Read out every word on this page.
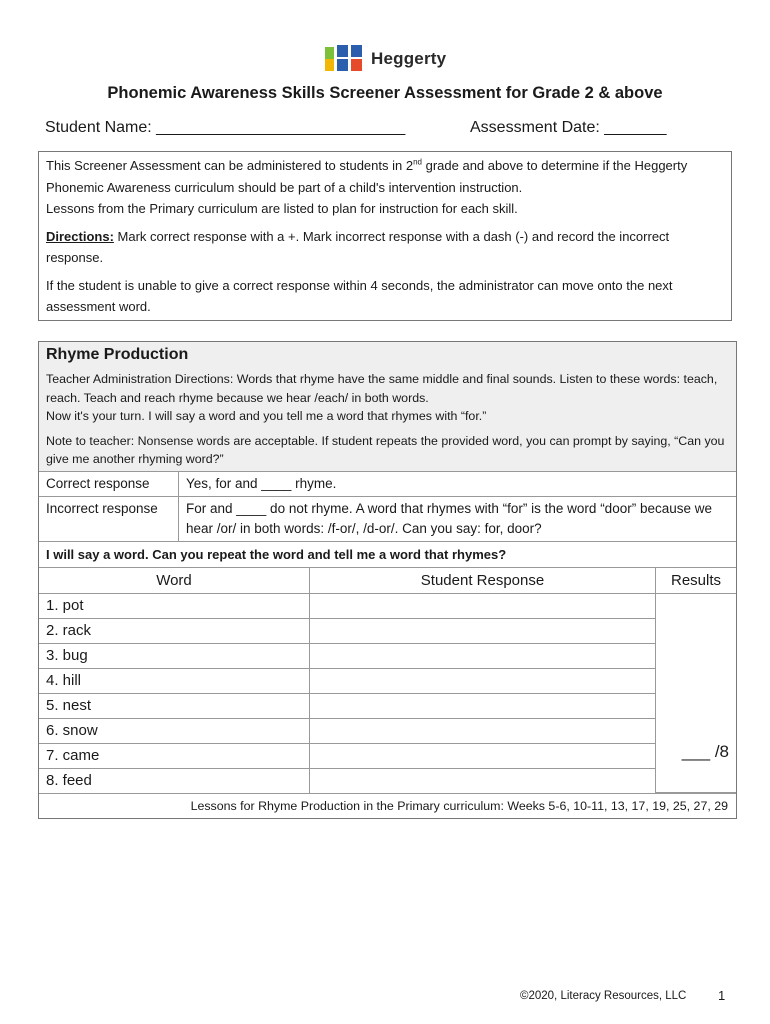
Heggerty
Phonemic Awareness Skills Screener Assessment for Grade 2 & above
Student Name: ____________________________	Assessment Date: _______

This Screener Assessment can be administered to students in 2nd grade and above to determine if the Heggerty Phonemic Awareness curriculum should be part of a child's intervention instruction.

Lessons from the Primary curriculum are listed to plan for instruction for each skill.

Directions: Mark correct response with a +. Mark incorrect response with a dash (-) and record the incorrect response.

If the student is unable to give a correct response within 4 seconds, the administrator can move onto the next assessment word.

Rhyme Production

Teacher Administration Directions: Words that rhyme have the same middle and final sounds. Listen to these words: teach, reach. Teach and reach rhyme because we hear /each/ in both words.

Now it's your turn. I will say a word and you tell me a word that rhymes with “for.”

Note to teacher: Nonsense words are acceptable. If student repeats the provided word, you can prompt by saying, “Can you give me another rhyming word?”

Correct response	Yes, for and ____ rhyme.
Incorrect response	For and ____ do not rhyme. A word that rhymes with “for” is the word “door” because we hear /or/ in both words: /f-or/, /d-or/. Can you say: for, door?
I will say a word. Can you repeat the word and tell me a word that rhymes?
Word	Student Response	Results
1. pot		___ /8
2. rack		
3. bug		
4. hill		
5. nest		
6. snow		
7. came		
8. feed		
Lessons for Rhyme Production in the Primary curriculum: Weeks 5-6, 10-11, 13, 17, 19, 25, 27, 29
©2020, Literacy Resources, LLC 1
